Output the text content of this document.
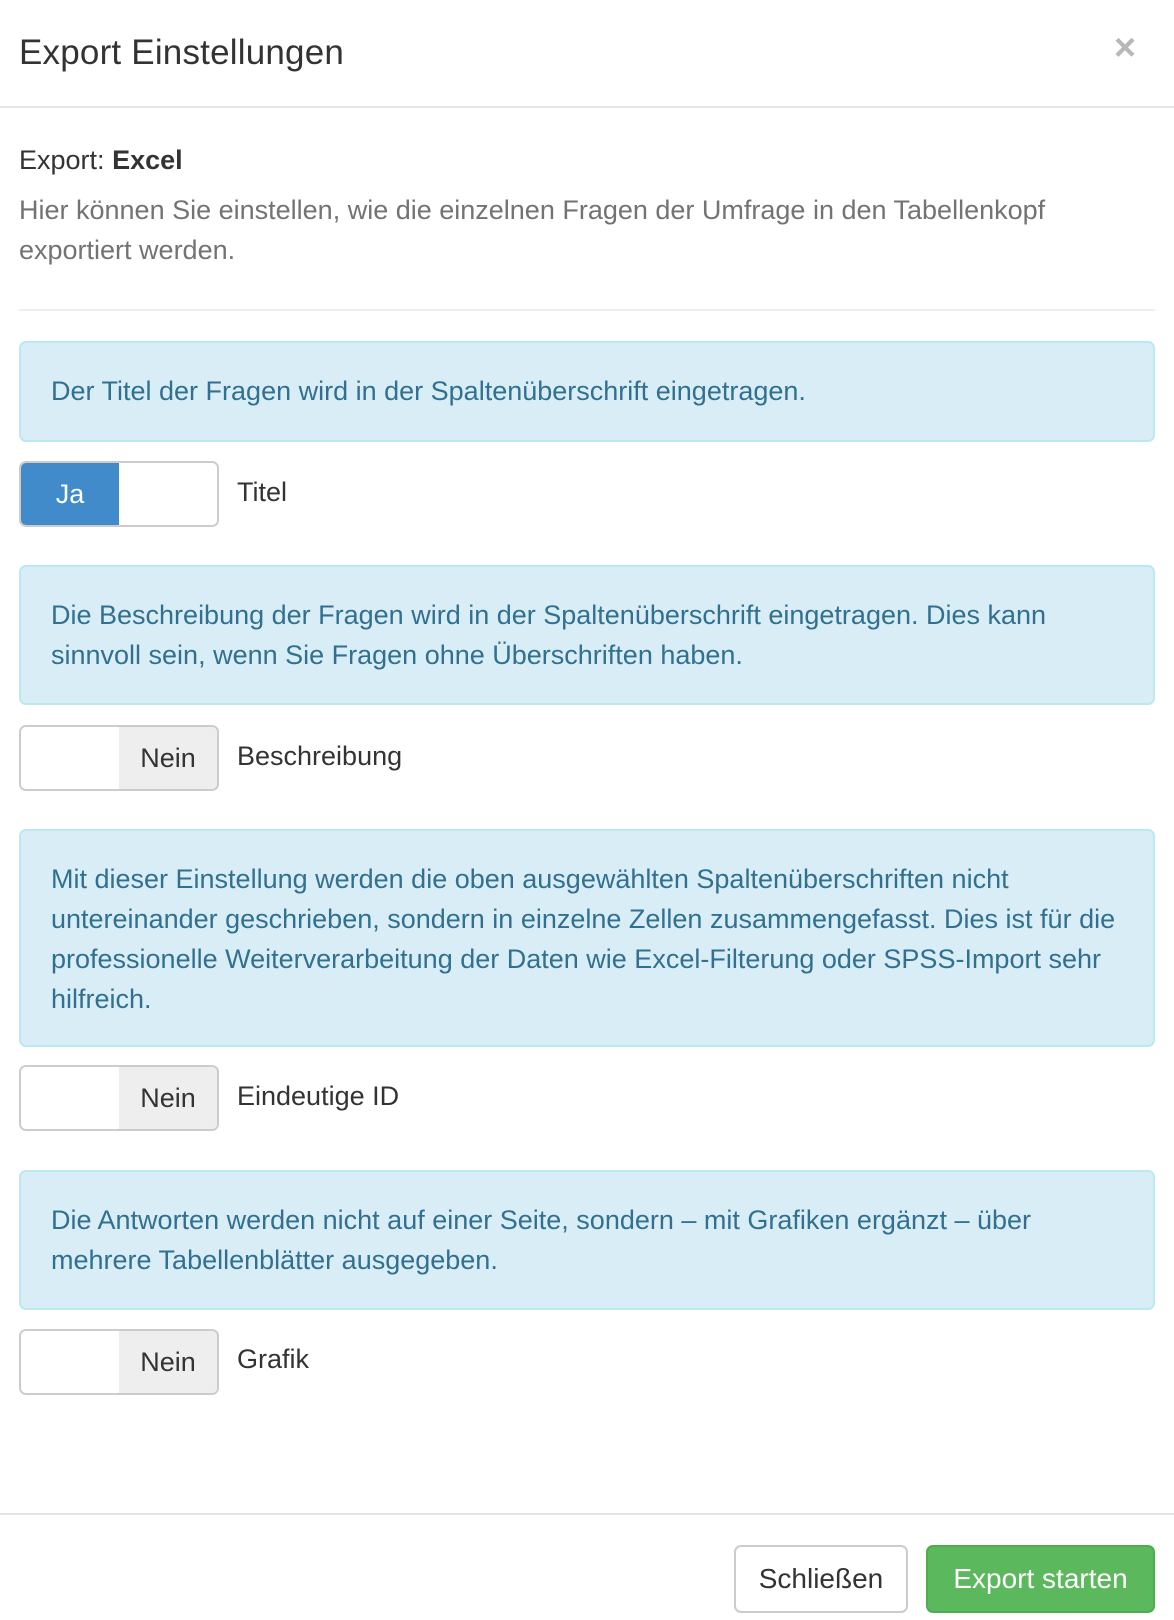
Export Einstellungen	×
Export: Excel

Hier können Sie einstellen, wie die einzelnen Fragen der Umfrage in den Tabellenkopf exportiert werden.

Der Titel der Fragen wird in der Spaltenüberschrift eingetragen.
Ja	Titel
Die Beschreibung der Fragen wird in der Spaltenüberschrift eingetragen. Dies kann sinnvoll sein, wenn Sie Fragen ohne Überschriften haben.
Nein	Beschreibung
Mit dieser Einstellung werden die oben ausgewählten Spaltenüberschriften nicht untereinander geschrieben, sondern in einzelne Zellen zusammengefasst. Dies ist für die professionelle Weiterverarbeitung der Daten wie Excel-Filterung oder SPSS-Import sehr hilfreich.
Nein	Eindeutige ID
Die Antworten werden nicht auf einer Seite, sondern – mit Grafiken ergänzt – über mehrere Tabellenblätter ausgegeben.
Nein	Grafik
Schließen	Export starten
